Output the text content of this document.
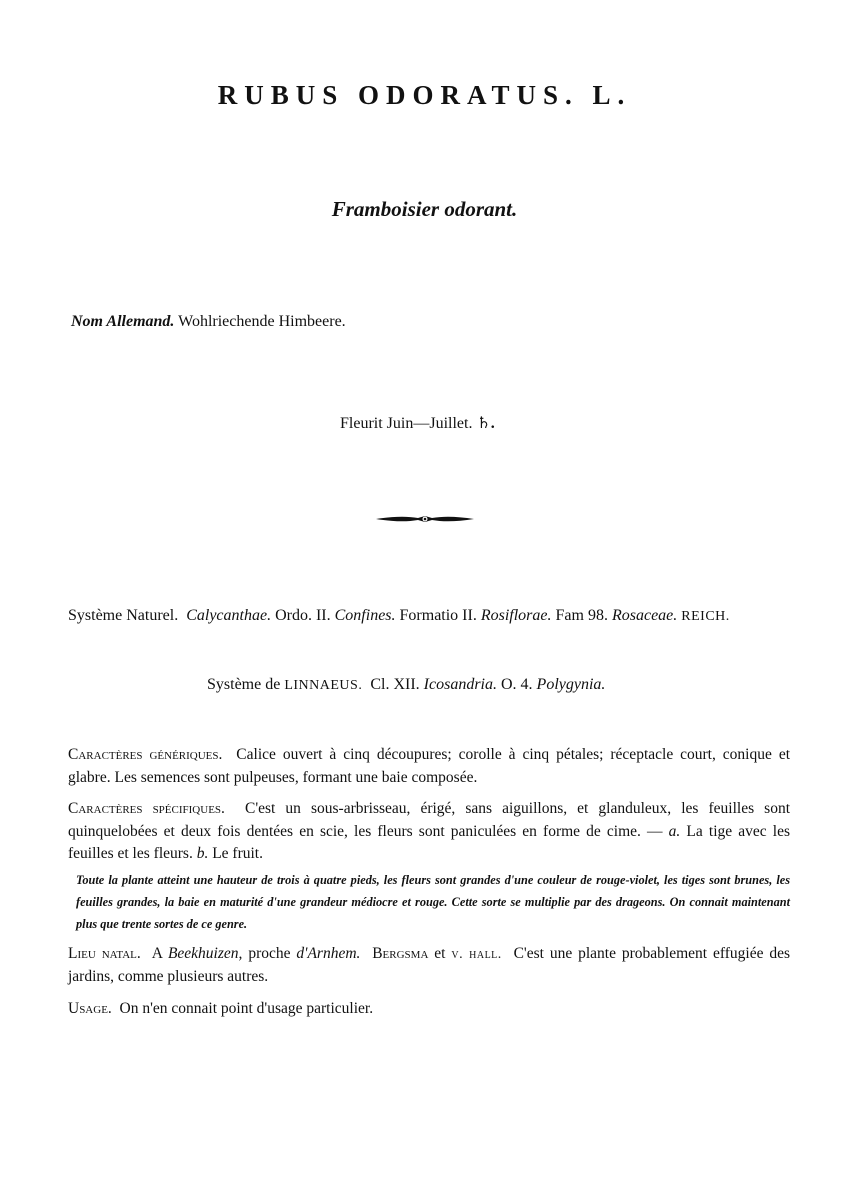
RUBUS ODORATUS. L.
Framboisier odorant.
Nom Allemand. Wohlriechende Himbeere.
Fleurit Juin—Juillet. ♄.
Système Naturel. Calycanthae. Ordo. II. Confines. Formatio II. Rosiflorae. Fam 98. Rosaceae. REICH.
Système de LINNAEUS. Cl. XII. Icosandria. O. 4. Polygynia.

Caractères génériques. Calice ouvert à cinq découpures; corolle à cinq pétales; réceptacle court, conique et glabre. Les semences sont pulpeuses, formant une baie composée.

Caractères spécifiques. C'est un sous-arbrisseau, érigé, sans aiguillons, et glanduleux, les feuilles sont quinquelobées et deux fois dentées en scie, les fleurs sont paniculées en forme de cime. — a. La tige avec les feuilles et les fleurs. b. Le fruit.

Toute la plante atteint une hauteur de trois à quatre pieds, les fleurs sont grandes d'une couleur de rouge-violet, les tiges sont brunes, les feuilles grandes, la baie en maturité d'une grandeur médiocre et rouge. Cette sorte se multiplie par des drageons. On connait maintenant plus que trente sortes de ce genre.

Lieu natal. A Beekhuizen, proche d'Arnhem. Bergsma et v. hall. C'est une plante probablement effugiée des jardins, comme plusieurs autres.

Usage. On n'en connait point d'usage particulier.
